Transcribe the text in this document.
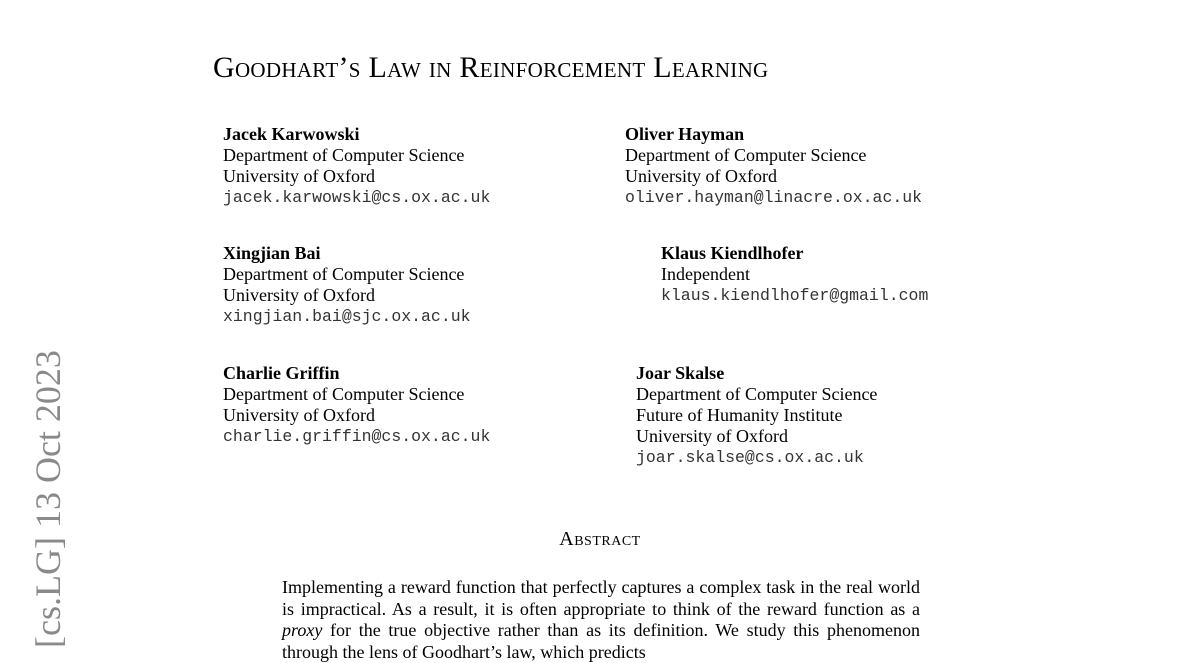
[cs.LG] 13 Oct 2023
Goodhart’s Law in Reinforcement Learning
Jacek Karwowski
Department of Computer Science
University of Oxford
jacek.karwowski@cs.ox.ac.uk
Oliver Hayman
Department of Computer Science
University of Oxford
oliver.hayman@linacre.ox.ac.uk
Xingjian Bai
Department of Computer Science
University of Oxford
xingjian.bai@sjc.ox.ac.uk
Klaus Kiendlhofer
Independent
klaus.kiendlhofer@gmail.com
Charlie Griffin
Department of Computer Science
University of Oxford
charlie.griffin@cs.ox.ac.uk
Joar Skalse
Department of Computer Science
Future of Humanity Institute
University of Oxford
joar.skalse@cs.ox.ac.uk
Abstract
Implementing a reward function that perfectly captures a complex task in the real world is impractical. As a result, it is often appropriate to think of the reward function as a proxy for the true objective rather than as its definition. We study this phenomenon through the lens of Goodhart’s law, which predicts
